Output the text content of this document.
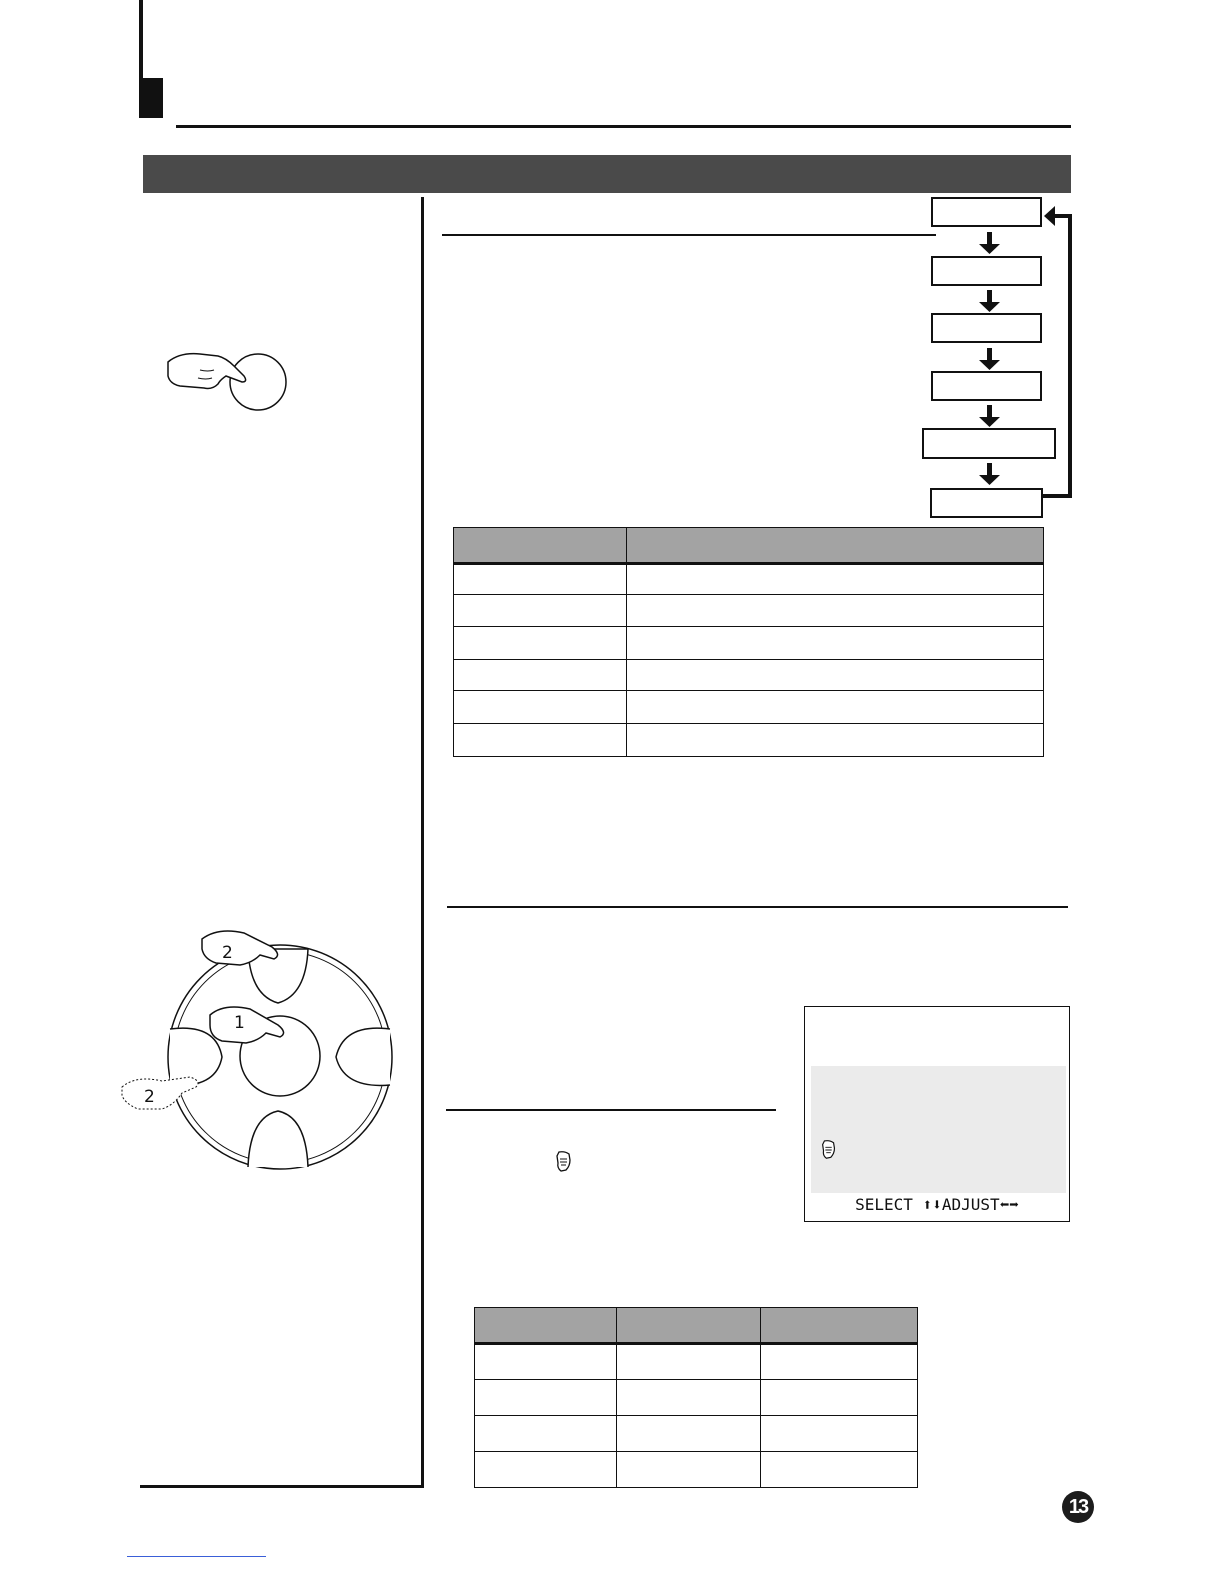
2
1
2
SELECT ⬆⬇ADJUST⬅➡

13
